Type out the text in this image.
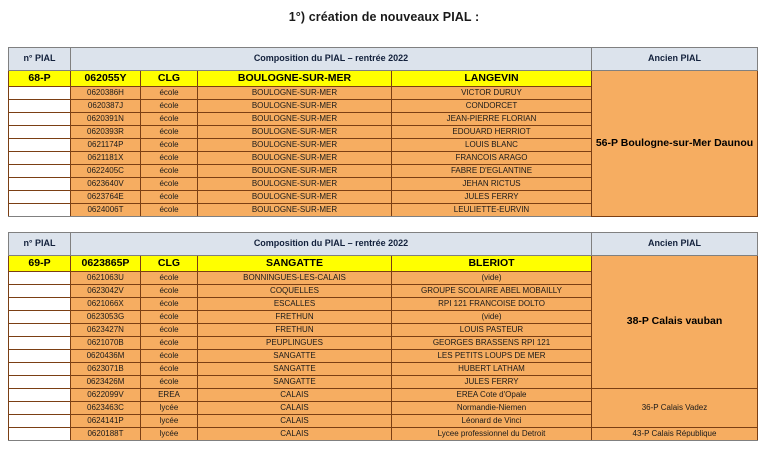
1°) création de nouveaux PIAL :
n° PIAL	Composition du PIAL – rentrée 2022				Ancien PIAL
68-P	062055Y	CLG	BOULOGNE-SUR-MER	LANGEVIN	56-P Boulogne-sur-Mer Daunou
	0620386H	école	BOULOGNE-SUR-MER	VICTOR DURUY	
	0620387J	école	BOULOGNE-SUR-MER	CONDORCET	
	0620391N	école	BOULOGNE-SUR-MER	JEAN-PIERRE FLORIAN	
	0620393R	école	BOULOGNE-SUR-MER	EDOUARD HERRIOT	
	0621174P	école	BOULOGNE-SUR-MER	LOUIS BLANC	
	0621181X	école	BOULOGNE-SUR-MER	FRANCOIS ARAGO	
	0622405C	école	BOULOGNE-SUR-MER	FABRE D'EGLANTINE	
	0623640V	école	BOULOGNE-SUR-MER	JEHAN RICTUS	
	0623764E	école	BOULOGNE-SUR-MER	JULES FERRY	
	0624006T	école	BOULOGNE-SUR-MER	LEULIETTE-EURVIN	
n° PIAL	Composition du PIAL – rentrée 2022				Ancien PIAL
69-P	0623865P	CLG	SANGATTE	BLERIOT	38-P Calais vauban
	0621063U	école	BONNINGUES-LES-CALAIS	(vide)	
	0623042V	école	COQUELLES	GROUPE SCOLAIRE ABEL MOBAILLY	
	0621066X	école	ESCALLES	RPI 121 FRANCOISE DOLTO	
	0623053G	école	FRETHUN	(vide)	
	0623427N	école	FRETHUN	LOUIS PASTEUR	
	0621070B	école	PEUPLINGUES	GEORGES BRASSENS RPI 121	
	0620436M	école	SANGATTE	LES PETITS LOUPS DE MER	
	0623071B	école	SANGATTE	HUBERT LATHAM	
	0623426M	école	SANGATTE	JULES FERRY	
	0622099V	EREA	CALAIS	EREA Cote d'Opale	36-P Calais Vadez
	0623463C	lycée	CALAIS	Normandie-Niemen	
	0624141P	lycée	CALAIS	Léonard de Vinci	
	0620188T	lycée	CALAIS	Lycee professionnel du Detroit	43-P Calais République
